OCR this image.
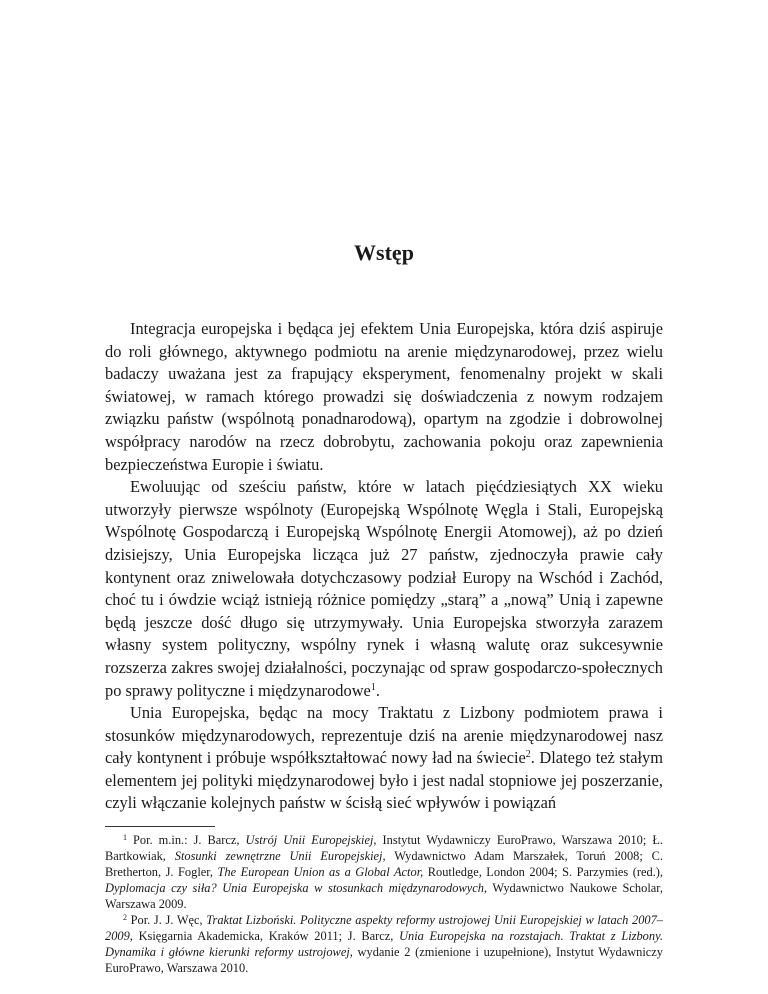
Wstęp

Integracja europejska i będąca jej efektem Unia Europejska, która dziś aspiruje do roli głównego, aktywnego podmiotu na arenie międzynarodowej, przez wielu badaczy uważana jest za frapujący eksperyment, fenomenalny projekt w skali światowej, w ramach którego prowadzi się doświadczenia z nowym rodzajem związku państw (wspólnotą ponadnarodową), opartym na zgodzie i dobrowolnej współpracy narodów na rzecz dobrobytu, zachowania pokoju oraz zapewnienia bezpieczeństwa Europie i światu.

Ewoluując od sześciu państw, które w latach pięćdziesiątych XX wieku utworzyły pierwsze wspólnoty (Europejską Wspólnotę Węgla i Stali, Europejską Wspólnotę Gospodarczą i Europejską Wspólnotę Energii Atomowej), aż po dzień dzisiejszy, Unia Europejska licząca już 27 państw, zjednoczyła prawie cały kontynent oraz zniwelowała dotychczasowy podział Europy na Wschód i Zachód, choć tu i ówdzie wciąż istnieją różnice pomiędzy „starą” a „nową” Unią i zapewne będą jeszcze dość długo się utrzymywały. Unia Europejska stworzyła zarazem własny system polityczny, wspólny rynek i własną walutę oraz sukcesywnie rozszerza zakres swojej działalności, poczynając od spraw gospodarczo-społecznych po sprawy polityczne i międzynarodowe$^1$.

Unia Europejska, będąc na mocy Traktatu z Lizbony podmiotem prawa i stosunków międzynarodowych, reprezentuje dziś na arenie międzynarodowej nasz cały kontynent i próbuje współkształtować nowy ład na świecie$^2$. Dlatego też stałym elementem jej polityki międzynarodowej było i jest nadal stopniowe jej poszerzanie, czyli włączanie kolejnych państw w ścisłą sieć wpływów i powiązań

$^1$ Por. m.in.: J. Barcz, Ustrój Unii Europejskiej, Instytut Wydawniczy EuroPrawo, Warszawa 2010; Ł. Bartkowiak, Stosunki zewnętrzne Unii Europejskiej, Wydawnictwo Adam Marszałek, Toruń 2008; C. Bretherton, J. Fogler, The European Union as a Global Actor, Routledge, London 2004; S. Parzymies (red.), Dyplomacja czy siła? Unia Europejska w stosunkach międzynarodowych, Wydawnictwo Naukowe Scholar, Warszawa 2009.

$^2$ Por. J. J. Węc, Traktat Lizboński. Polityczne aspekty reformy ustrojowej Unii Europejskiej w latach 2007–2009, Księgarnia Akademicka, Kraków 2011; J. Barcz, Unia Europejska na rozstajach. Traktat z Lizbony. Dynamika i główne kierunki reformy ustrojowej, wydanie 2 (zmienione i uzupełnione), Instytut Wydawniczy EuroPrawo, Warszawa 2010.
